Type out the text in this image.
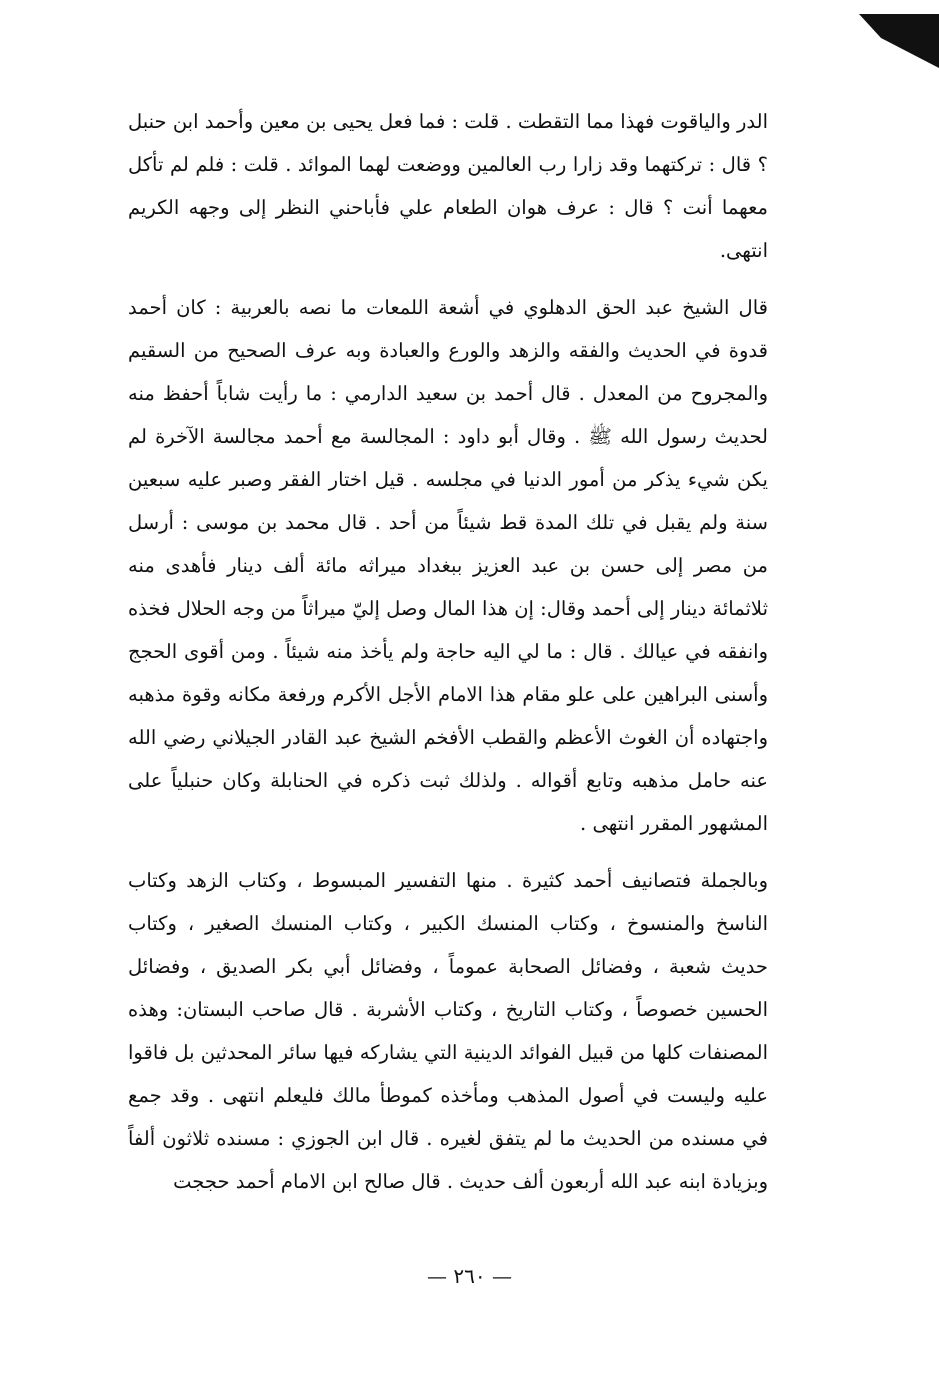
الدر والياقوت فهذا مما التقطت . قلت : فما فعل يحيى بن معين وأحمد ابن حنبل ؟ قال : تركتهما وقد زارا رب العالمين ووضعت لهما الموائد . قلت : فلم لم تأكل معهما أنت ؟ قال : عرف هوان الطعام علي فأباحني النظر إلى وجهه الكريم انتهى.

قال الشيخ عبد الحق الدهلوي في أشعة اللمعات ما نصه بالعربية : كان أحمد قدوة في الحديث والفقه والزهد والورع والعبادة وبه عرف الصحيح من السقيم والمجروح من المعدل . قال أحمد بن سعيد الدارمي : ما رأيت شاباً أحفظ منه لحديث رسول الله ﷺ . وقال أبو داود : المجالسة مع أحمد مجالسة الآخرة لم يكن شيء يذكر من أمور الدنيا في مجلسه . قيل اختار الفقر وصبر عليه سبعين سنة ولم يقبل في تلك المدة قط شيئاً من أحد . قال محمد بن موسى : أرسل من مصر إلى حسن بن عبد العزيز ببغداد ميراثه مائة ألف دينار فأهدى منه ثلاثمائة دينار إلى أحمد وقال: إن هذا المال وصل إليّ ميراثاً من وجه الحلال فخذه وانفقه في عيالك . قال : ما لي اليه حاجة ولم يأخذ منه شيئاً . ومن أقوى الحجج وأسنى البراهين على علو مقام هذا الامام الأجل الأكرم ورفعة مكانه وقوة مذهبه واجتهاده أن الغوث الأعظم والقطب الأفخم الشيخ عبد القادر الجيلاني رضي الله عنه حامل مذهبه وتابع أقواله . ولذلك ثبت ذكره في الحنابلة وكان حنبلياً على المشهور المقرر انتهى .

وبالجملة فتصانيف أحمد كثيرة . منها التفسير المبسوط ، وكتاب الزهد وكتاب الناسخ والمنسوخ ، وكتاب المنسك الكبير ، وكتاب المنسك الصغير ، وكتاب حديث شعبة ، وفضائل الصحابة عموماً ، وفضائل أبي بكر الصديق ، وفضائل الحسين خصوصاً ، وكتاب التاريخ ، وكتاب الأشربة . قال صاحب البستان: وهذه المصنفات كلها من قبيل الفوائد الدينية التي يشاركه فيها سائر المحدثين بل فاقوا عليه وليست في أصول المذهب ومأخذه كموطأ مالك فليعلم انتهى . وقد جمع في مسنده من الحديث ما لم يتفق لغيره . قال ابن الجوزي : مسنده ثلاثون ألفاً وبزيادة ابنه عبد الله أربعون ألف حديث . قال صالح ابن الامام أحمد حججت

— ٢٦٠ —
